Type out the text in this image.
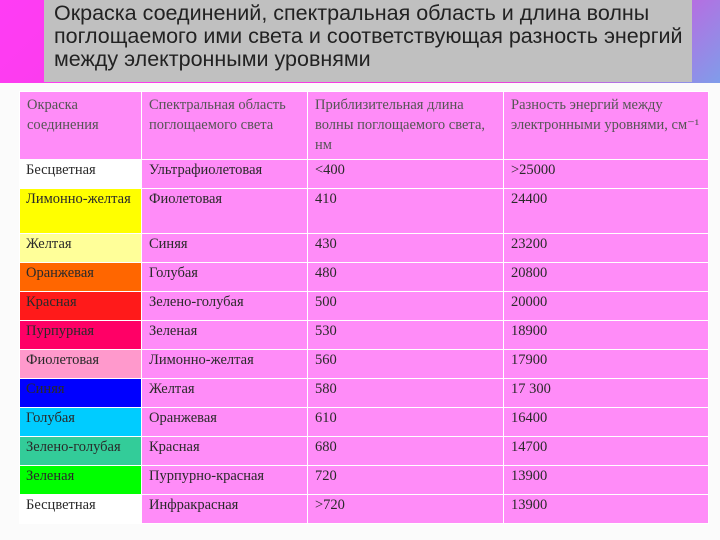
Окраска соединений, спектральная область и длина волны поглощаемого ими света и соответствующая разность энергий между электронными уровнями

Окраска соединения	Спектральная область поглощаемого света	Приблизительная длина волны поглощаемого света, нм	Разность энергий между электронными уровнями, см⁻¹
Бесцветная	Ультрафиолетовая	<400	>25000
Лимонно-желтая	Фиолетовая	410	24400
Желтая	Синяя	430	23200
Оранжевая	Голубая	480	20800
Красная	Зелено-голубая	500	20000
Пурпурная	Зеленая	530	18900
Фиолетовая	Лимонно-желтая	560	17900
Синяя	Желтая	580	17 300
Голубая	Оранжевая	610	16400
Зелено-голубая	Красная	680	14700
Зеленая	Пурпурно-красная	720	13900
Бесцветная	Инфракрасная	>720	13900
